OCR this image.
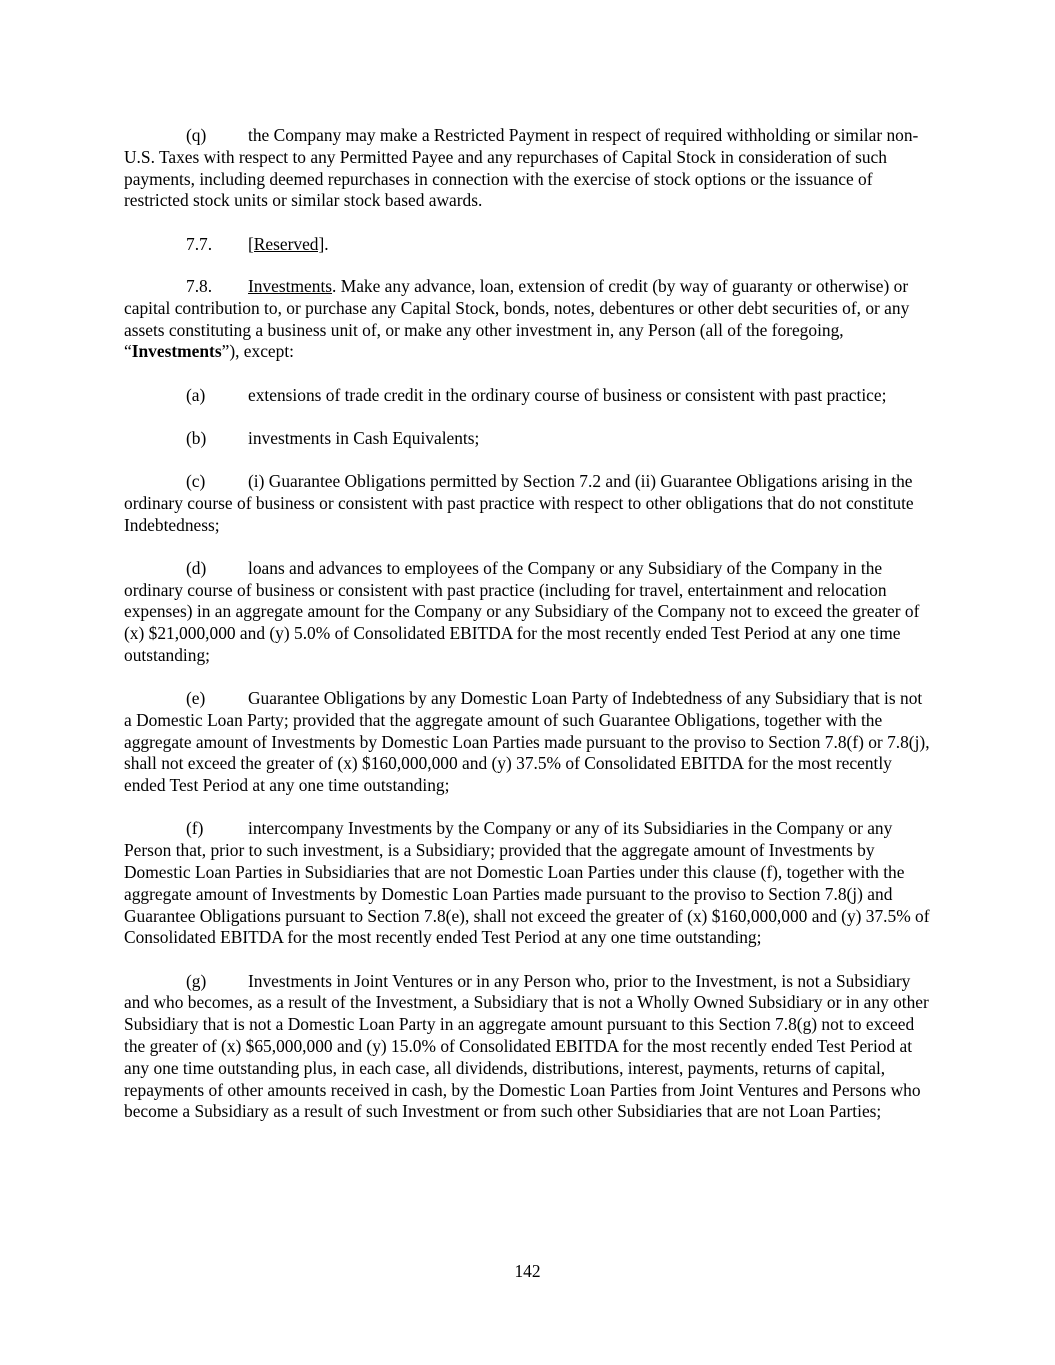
(q) the Company may make a Restricted Payment in respect of required withholding or similar non-U.S. Taxes with respect to any Permitted Payee and any repurchases of Capital Stock in consideration of such payments, including deemed repurchases in connection with the exercise of stock options or the issuance of restricted stock units or similar stock based awards.

7.7. [Reserved].

7.8. Investments. Make any advance, loan, extension of credit (by way of guaranty or otherwise) or capital contribution to, or purchase any Capital Stock, bonds, notes, debentures or other debt securities of, or any assets constituting a business unit of, or make any other investment in, any Person (all of the foregoing, “Investments”), except:

(a) extensions of trade credit in the ordinary course of business or consistent with past practice;

(b) investments in Cash Equivalents;

(c) (i) Guarantee Obligations permitted by Section 7.2 and (ii) Guarantee Obligations arising in the ordinary course of business or consistent with past practice with respect to other obligations that do not constitute Indebtedness;

(d) loans and advances to employees of the Company or any Subsidiary of the Company in the ordinary course of business or consistent with past practice (including for travel, entertainment and relocation expenses) in an aggregate amount for the Company or any Subsidiary of the Company not to exceed the greater of (x) $21,000,000 and (y) 5.0% of Consolidated EBITDA for the most recently ended Test Period at any one time outstanding;

(e) Guarantee Obligations by any Domestic Loan Party of Indebtedness of any Subsidiary that is not a Domestic Loan Party; provided that the aggregate amount of such Guarantee Obligations, together with the aggregate amount of Investments by Domestic Loan Parties made pursuant to the proviso to Section 7.8(f) or 7.8(j), shall not exceed the greater of (x) $160,000,000 and (y) 37.5% of Consolidated EBITDA for the most recently ended Test Period at any one time outstanding;

(f)	intercompany Investments by the Company or any of its Subsidiaries in the Company or any Person that, prior to such investment, is a Subsidiary; provided that the aggregate amount of Investments by Domestic Loan Parties in Subsidiaries that are not Domestic Loan Parties under this clause (f), together with the aggregate amount of Investments by Domestic Loan Parties made pursuant to the proviso to Section 7.8(j) and Guarantee Obligations pursuant to Section 7.8(e), shall not exceed the greater of (x) $160,000,000 and (y) 37.5% of Consolidated EBITDA for the most recently ended Test Period at any one time outstanding;

(g) Investments in Joint Ventures or in any Person who, prior to the Investment, is not a Subsidiary and who becomes, as a result of the Investment, a Subsidiary that is not a Wholly Owned Subsidiary or in any other Subsidiary that is not a Domestic Loan Party in an aggregate amount pursuant to this Section 7.8(g) not to exceed the greater of (x) $65,000,000 and (y) 15.0% of Consolidated EBITDA for the most recently ended Test Period at any one time outstanding plus, in each case, all dividends, distributions, interest, payments, returns of capital, repayments of other amounts received in cash, by the Domestic Loan Parties from Joint Ventures and Persons who become a Subsidiary as a result of such Investment or from such other Subsidiaries that are not Loan Parties;

142
